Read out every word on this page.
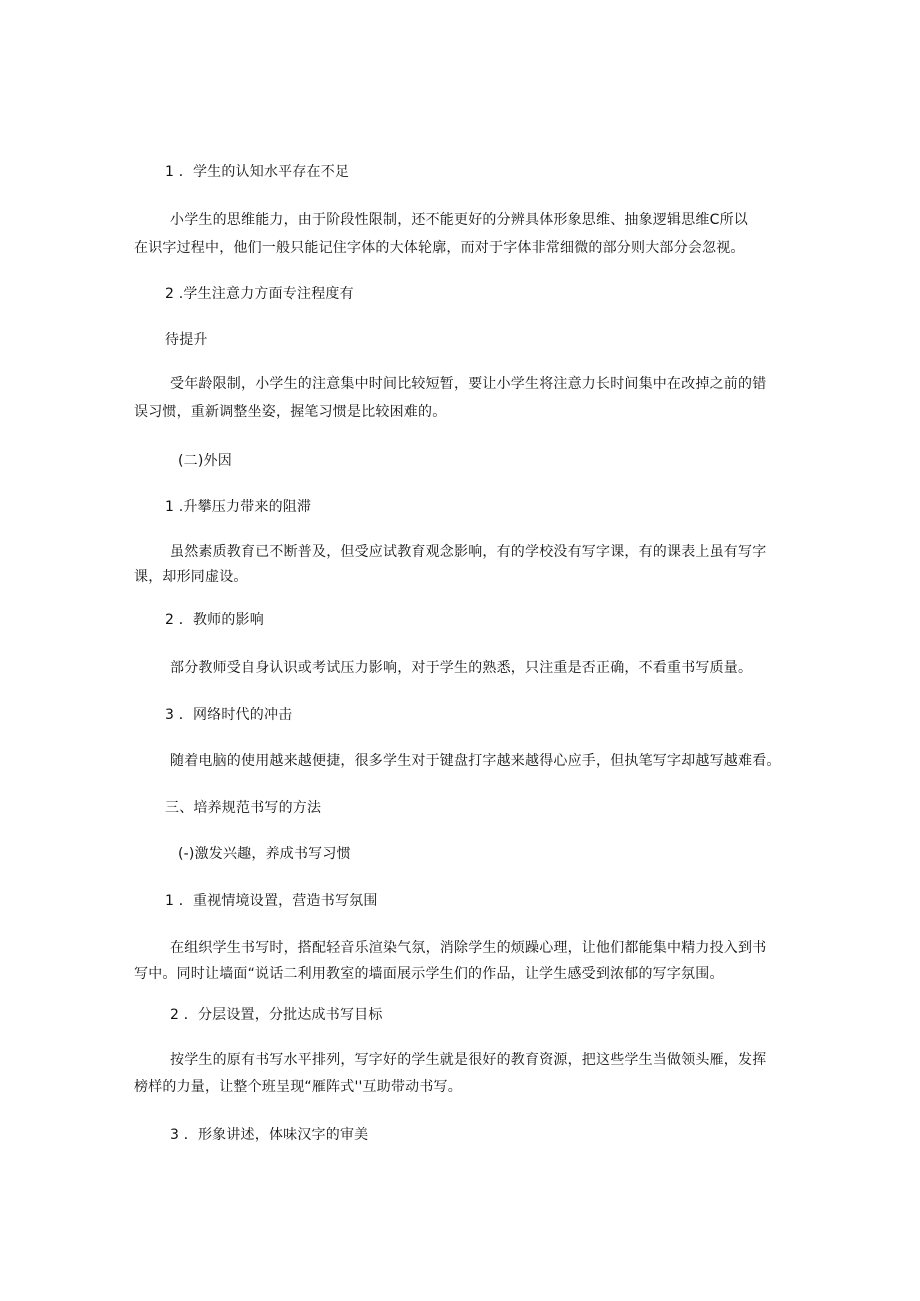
1 ．学生的认知水平存在不足
小学生的思维能力，由于阶段性限制，还不能更好的分辨具体形象思维、抽象逻辑思维C所以
在识字过程中，他们一般只能记住字体的大体轮廓，而对于字体非常细微的部分则大部分会忽视。
2 .学生注意力方面专注程度有
待提升
受年龄限制，小学生的注意集中时间比较短暂，要让小学生将注意力长时间集中在改掉之前的错
误习惯，重新调整坐姿，握笔习惯是比较困难的。
(二)外因
1 .升攀压力带来的阻滞
虽然素质教育已不断普及，但受应试教育观念影响，有的学校没有写字课，有的课表上虽有写字
课，却形同虚设。
2 ．教师的影响
部分教师受自身认识或考试压力影响，对于学生的熟悉，只注重是否正确，不看重书写质量。
3 ．网络时代的冲击
随着电脑的使用越来越便捷，很多学生对于键盘打字越来越得心应手，但执笔写字却越写越难看。
三、培养规范书写的方法
(-)激发兴趣，养成书写习惯
1 ．重视情境设置，营造书写氛围
在组织学生书写时，搭配轻音乐渲染气氛，消除学生的烦躁心理，让他们都能集中精力投入到书
写中。同时让墙面“说话二利用教室的墙面展示学生们的作品，让学生感受到浓郁的写字氛围。
2 ．分层设置，分批达成书写目标
按学生的原有书写水平排列，写字好的学生就是很好的教育资源，把这些学生当做领头雁，发挥
榜样的力量，让整个班呈现“雁阵式''互助带动书写。
3 ．形象讲述，体味汉字的审美
